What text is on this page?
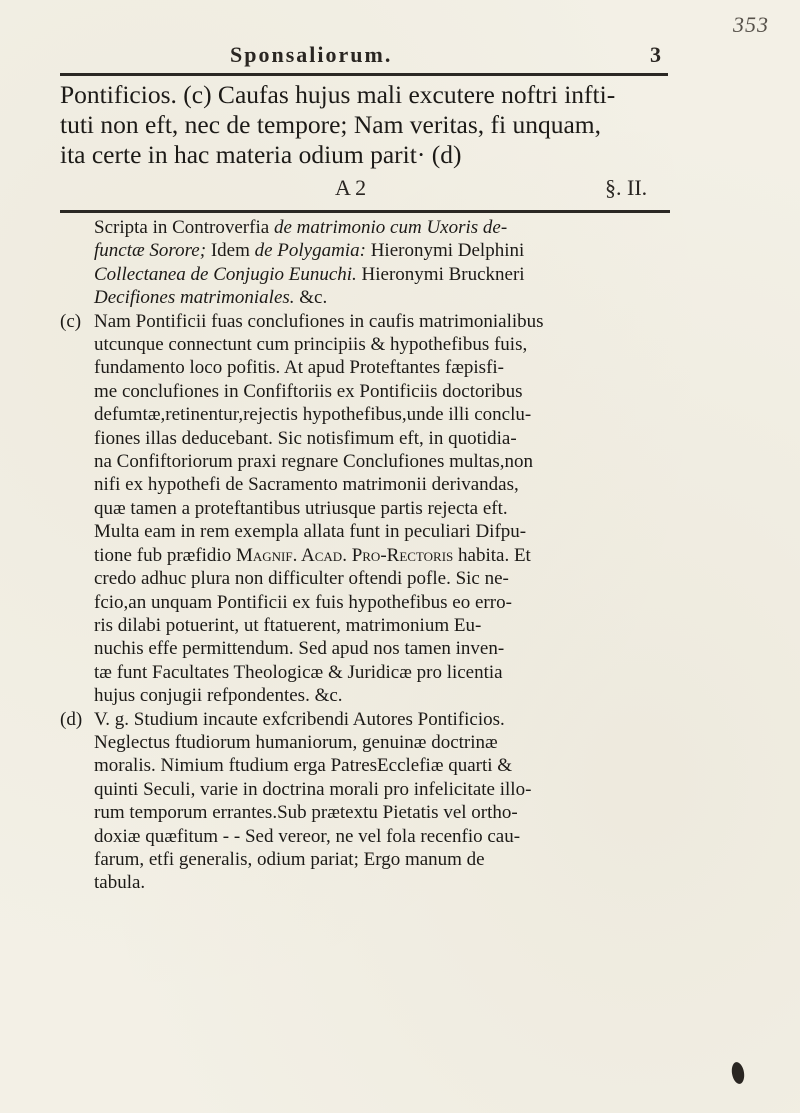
353
Sponsaliorum.	3
Pontificios. (c) Caufas hujus mali excutere noftri infti-
tuti non eft, nec de tempore; Nam veritas, fi unquam,
ita certe in hac materia odium parit· (d)
A 2	§. II.
Scripta in Controverfia de matrimonio cum Uxoris de-
functæ Sorore; Idem de Polygamia: Hieronymi Delphini
Collectanea de Conjugio Eunuchi. Hieronymi Bruckneri
Decifiones matrimoniales. &c.
(c) Nam Pontificii fuas conclufiones in caufis matrimonialibus
utcunque connectunt cum principiis & hypothefibus fuis,
fundamento loco pofitis. At apud Proteftantes fæpisfi-
me conclufiones in Confiftoriis ex Pontificiis doctoribus
defumtæ,retinentur,rejectis hypothefibus,unde illi conclu-
fiones illas deducebant. Sic notisfimum eft, in quotidia-
na Confiftoriorum praxi regnare Conclufiones multas,non
nifi ex hypothefi de Sacramento matrimonii derivandas,
quæ tamen a proteftantibus utriusque partis rejecta eft.
Multa eam in rem exempla allata funt in peculiari Difpu-
tione fub præfidio Magnif. Acad. Pro-Rectoris habita. Et
credo adhuc plura non difficulter oftendi pofle. Sic ne-
fcio,an unquam Pontificii ex fuis hypothefibus eo erro-
ris dilabi potuerint, ut ftatuerent, matrimonium Eu-
nuchis effe permittendum. Sed apud nos tamen inven-
tæ funt Facultates Theologicæ & Juridicæ pro licentia
hujus conjugii refpondentes. &c.
(d) V. g. Studium incaute exfcribendi Autores Pontificios.
Neglectus ftudiorum humaniorum, genuinæ doctrinæ
moralis. Nimium ftudium erga PatresEcclefiæ quarti &
quinti Seculi, varie in doctrina morali pro infelicitate illo-
rum temporum errantes.Sub prætextu Pietatis vel ortho-
doxiæ quæfitum - - Sed vereor, ne vel fola recenfio cau-
farum, etfi generalis, odium pariat; Ergo manum de
tabula.
